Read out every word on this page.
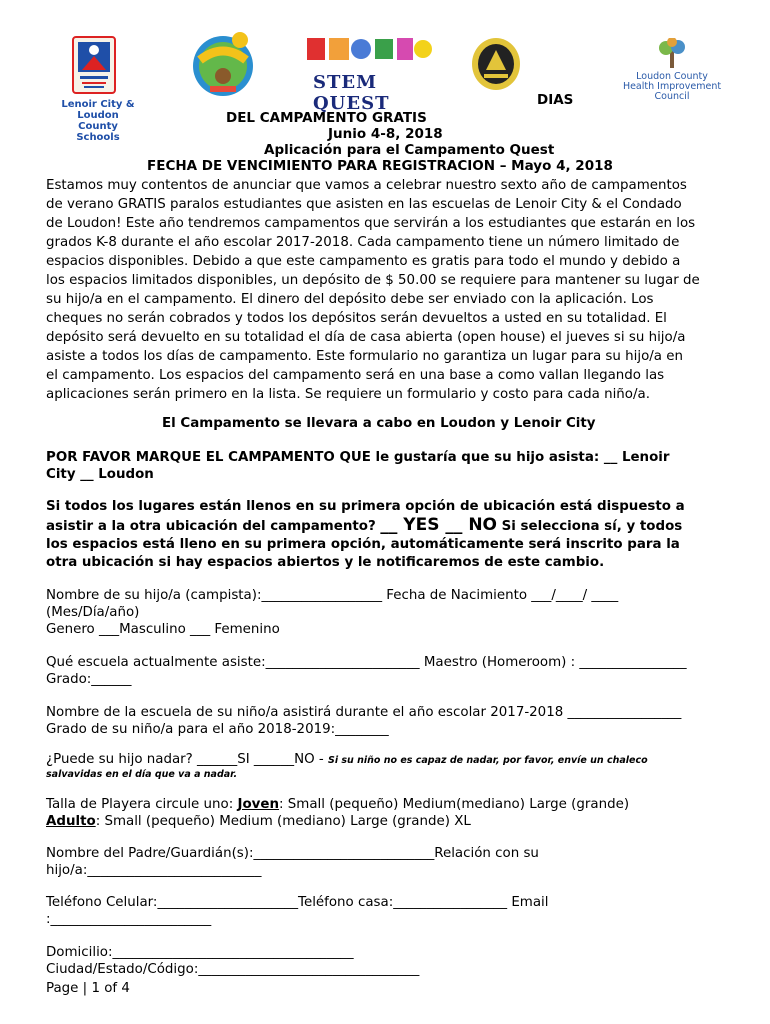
Lenoir City &
Loudon
County
Schools
STEM QUEST
Loudon County
Health Improvement
Council
DIAS
DEL CAMPAMENTO GRATIS
Junio 4-8, 2018
Aplicación para el Campamento Quest
FECHA DE VENCIMIENTO PARA REGISTRACION – Mayo 4, 2018
Estamos muy contentos de anunciar que vamos a celebrar nuestro sexto año de campamentos
de verano GRATIS paralos estudiantes que asisten en las escuelas de Lenoir City & el Condado
de Loudon! Este año tendremos campamentos que servirán a los estudiantes que estarán en los
grados K-8 durante el año escolar 2017-2018. Cada campamento tiene un número limitado de
espacios disponibles. Debido a que este campamento es gratis para todo el mundo y debido a
los espacios limitados disponibles, un depósito de $ 50.00 se requiere para mantener su lugar de
su hijo/a en el campamento. El dinero del depósito debe ser enviado con la aplicación. Los
cheques no serán cobrados y todos los depósitos serán devueltos a usted en su totalidad. El
depósito será devuelto en su totalidad el día de casa abierta (open house) el jueves si su hijo/a
asiste a todos los días de campamento. Este formulario no garantiza un lugar para su hijo/a en
el campamento. Los espacios del campamento será en una base a como vallan llegando las
aplicaciones serán primero en la lista. Se requiere un formulario y costo para cada niño/a.
El Campamento se llevara a cabo en Loudon y Lenoir City
POR FAVOR MARQUE EL CAMPAMENTO QUE le gustaría que su hijo asista: __ Lenoir
City __ Loudon
Si todos los lugares están llenos en su primera opción de ubicación está dispuesto a
asistir a la otra ubicación del campamento? __ YES __ NO Si selecciona sí, y todos
los espacios está lleno en su primera opción, automáticamente será inscrito para la
otra ubicación si hay espacios abiertos y le notificaremos de este cambio.
Nombre de su hijo/a (campista):__________________ Fecha de Nacimiento ___/____/ ____
(Mes/Día/año)
Genero ___Masculino ___ Femenino
Qué escuela actualmente asiste:_______________________ Maestro (Homeroom) : ________________
Grado:______
Nombre de la escuela de su niño/a asistirá durante el año escolar 2017-2018 _________________
Grado de su niño/a para el año 2018-2019:________
¿Puede su hijo nadar? ______SI ______NO - Si su niño no es capaz de nadar, por favor, envíe un chaleco
salvavidas en el día que va a nadar.
Talla de Playera circule uno: Joven: Small (pequeño) Medium(mediano) Large (grande)
Adulto: Small (pequeño) Medium (mediano) Large (grande) XL
Nombre del Padre/Guardián(s):___________________________Relación con su
hijo/a:__________________________
Teléfono Celular:_____________________Teléfono casa:_________________ Email
:________________________
Domicilio:____________________________________
Ciudad/Estado/Código:_________________________________
Page | 1 of 4
